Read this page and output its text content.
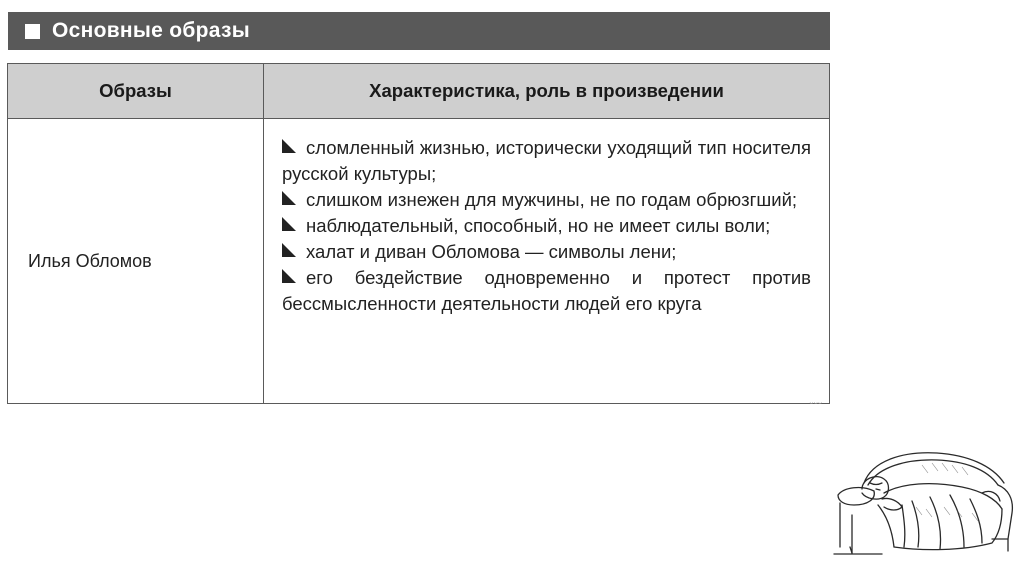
Основные образы
Образы	Характеристика, роль в произведении
Илья Обломов	сломленный жизнью, исторически уходящий тип носителя русской культуры;
слишком изнежен для мужчины, не по годам обрюзгший;
наблюдательный, способный, но не имеет силы воли;
халат и диван Обломова — символы лени;
его бездействие одновременно и протест против бессмысленности деятельности людей его круга
˘˘˘
